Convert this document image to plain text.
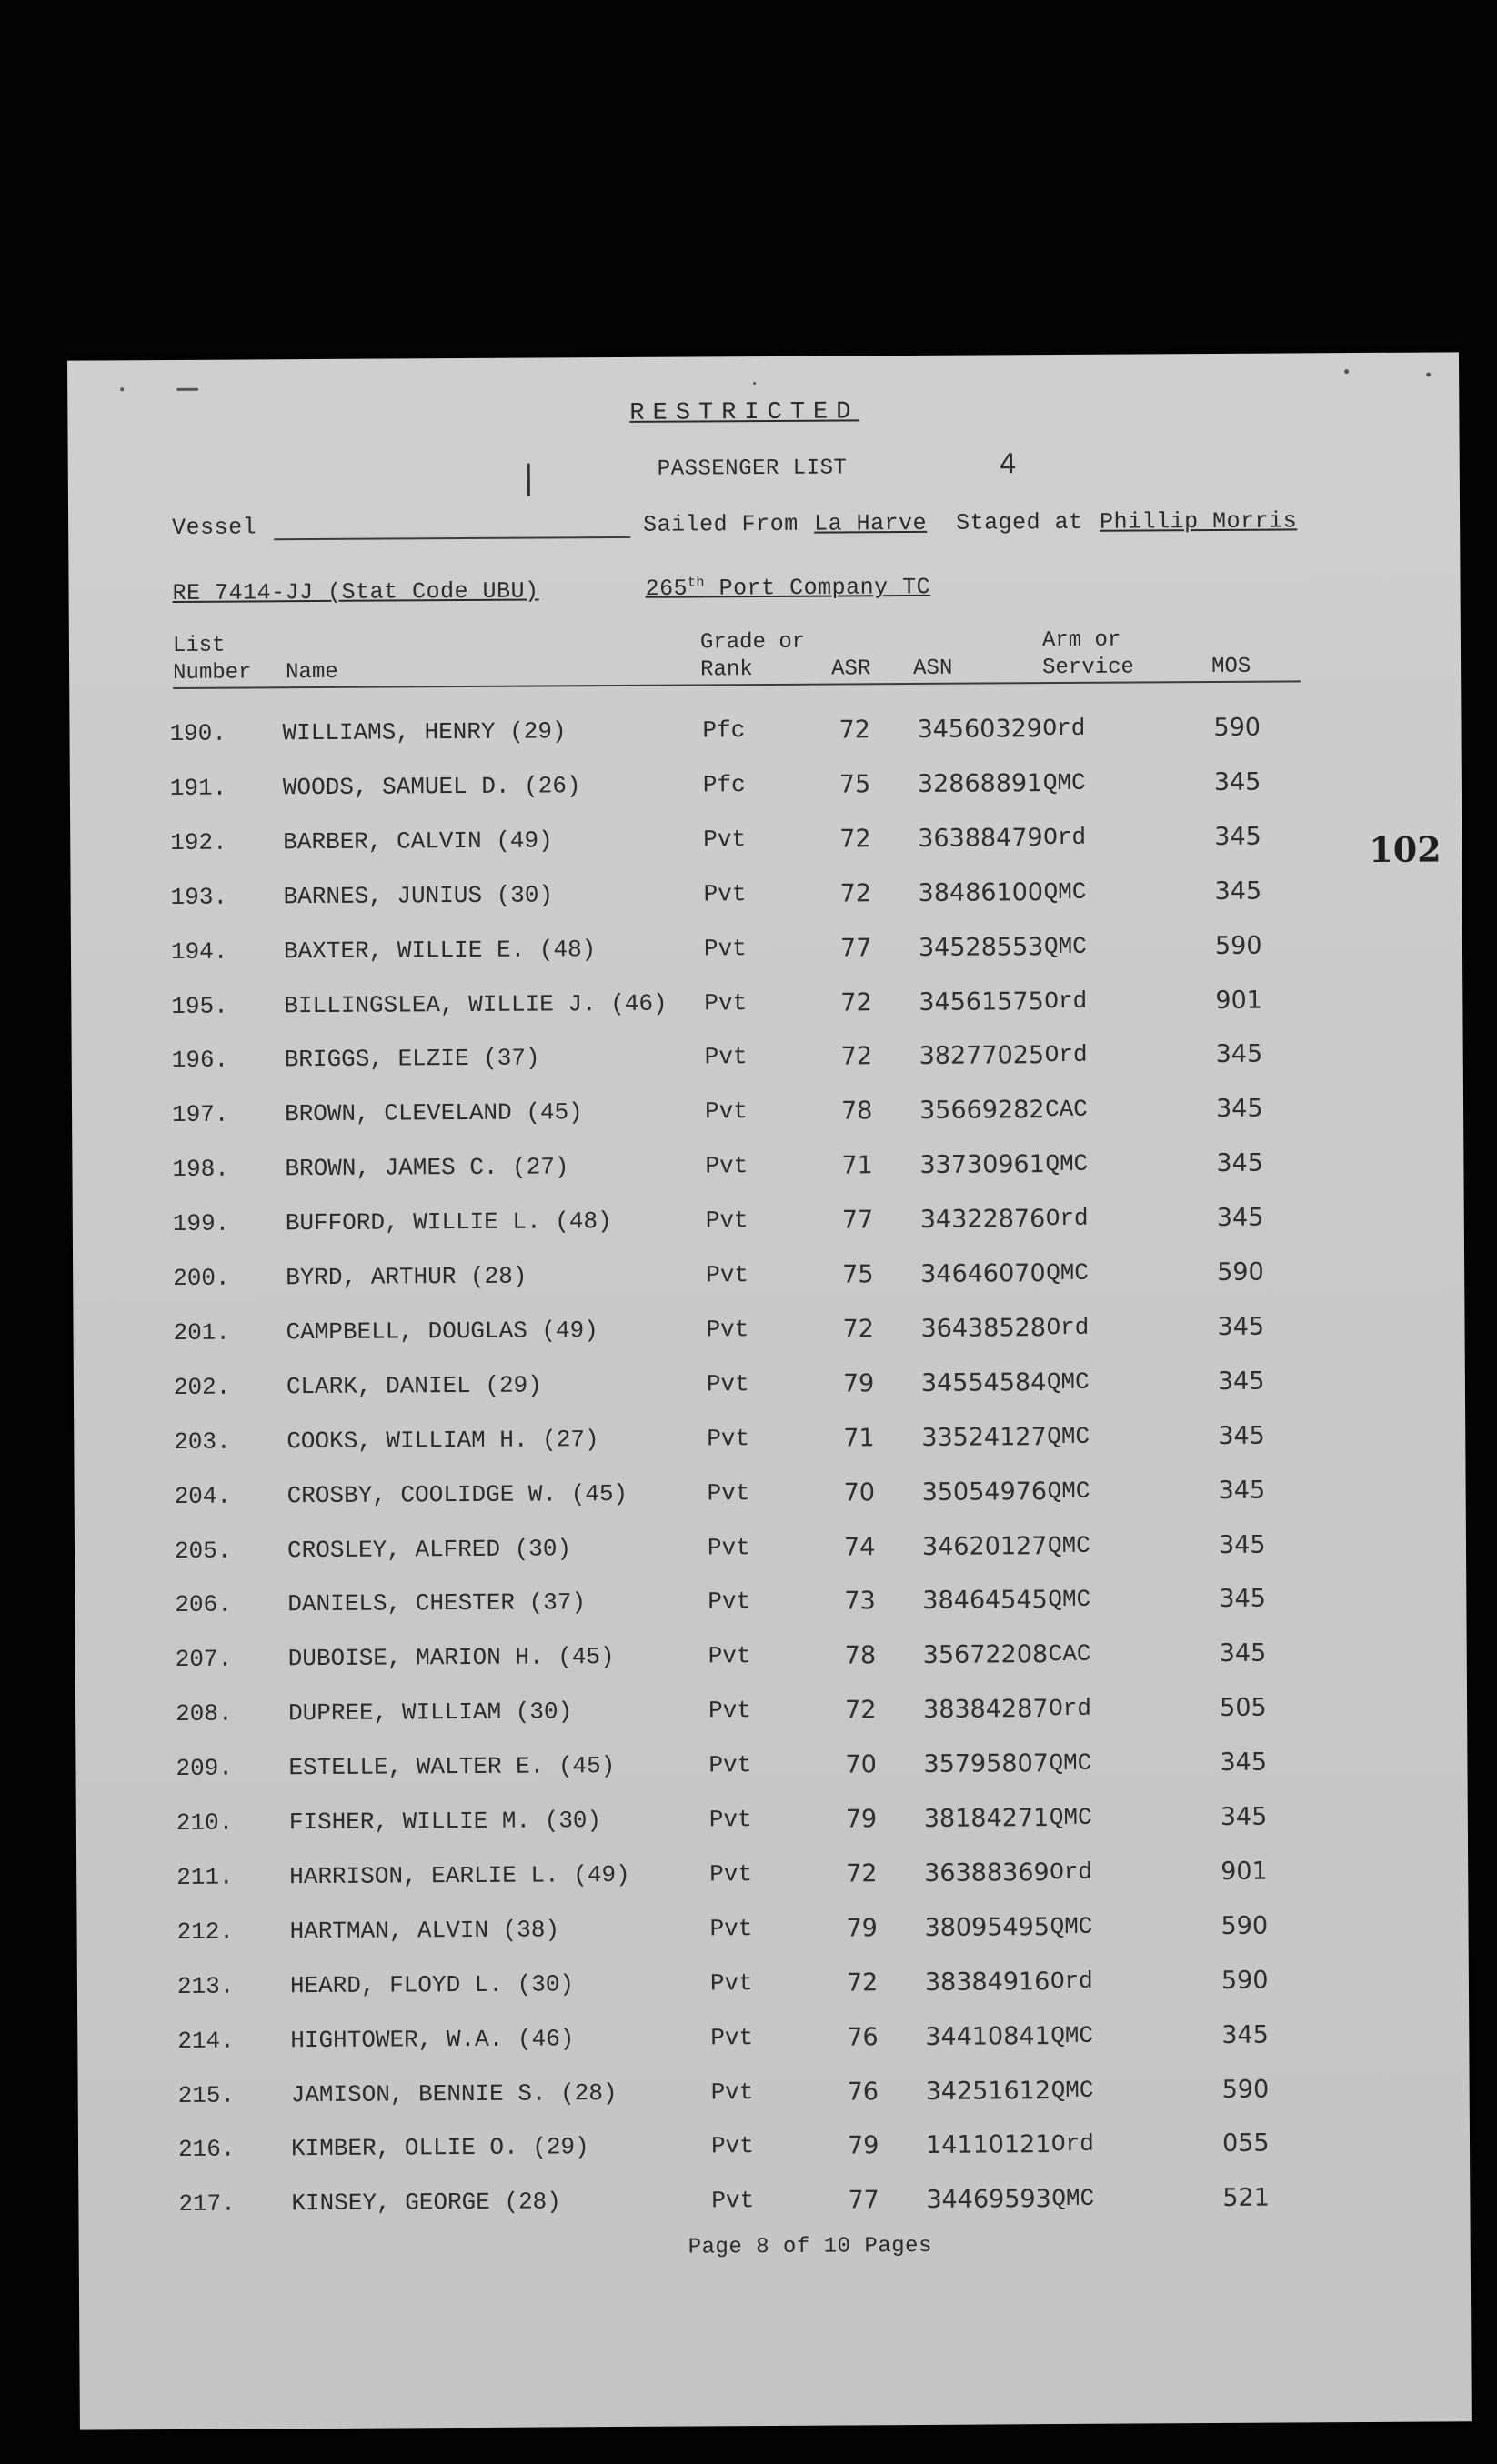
RESTRICTED
PASSENGER LIST	4
Vessel	Sailed From La Harve Staged at Phillip Morris
RE 7414-JJ (Stat Code UBU)	265th Port Company TC
102
List
Number Name
Grade or
Rank	ASR ASN
Arm or
Service	MOS
190. WILLIAMS, HENRY (29)	Pfc	72 34560329 Ord	590
191. WOODS, SAMUEL D. (26)	Pfc	75 32868891 QMC	345
192. BARBER, CALVIN (49)	Pvt	72 36388479 Ord	345
193. BARNES, JUNIUS (30)	Pvt	72 38486100 QMC	345
194. BAXTER, WILLIE E. (48)	Pvt	77 34528553 QMC	590
195. BILLINGSLEA, WILLIE J. (46) Pvt	72 34561575 Ord	901
196. BRIGGS, ELZIE (37)	Pvt	72 38277025 Ord	345
197. BROWN, CLEVELAND (45)	Pvt	78 35669282 CAC	345
198. BROWN, JAMES C. (27)	Pvt	71 33730961 QMC	345
199. BUFFORD, WILLIE L. (48)	Pvt	77 34322876 Ord	345
200. BYRD, ARTHUR (28)	Pvt	75 34646070 QMC	590
201. CAMPBELL, DOUGLAS (49)	Pvt	72 36438528 Ord	345
202. CLARK, DANIEL (29)	Pvt	79 34554584 QMC	345
203. COOKS, WILLIAM H. (27)	Pvt	71 33524127 QMC	345
204. CROSBY, COOLIDGE W. (45)	Pvt	70 35054976 QMC	345
205. CROSLEY, ALFRED (30)	Pvt	74 34620127 QMC	345
206. DANIELS, CHESTER (37)	Pvt	73 38464545 QMC	345
207. DUBOISE, MARION H. (45)	Pvt	78 35672208 CAC	345
208. DUPREE, WILLIAM (30)	Pvt	72 38384287 Ord	505
209. ESTELLE, WALTER E. (45)	Pvt	70 35795807 QMC	345
210. FISHER, WILLIE M. (30)	Pvt	79 38184271 QMC	345
211. HARRISON, EARLIE L. (49)	Pvt	72 36388369 Ord	901
212. HARTMAN, ALVIN (38)	Pvt	79 38095495 QMC	590
213. HEARD, FLOYD L. (30)	Pvt	72 38384916 Ord	590
214. HIGHTOWER, W.A. (46)	Pvt	76 34410841 QMC	345
215. JAMISON, BENNIE S. (28)	Pvt	76 34251612 QMC	590
216. KIMBER, OLLIE O. (29)	Pvt	79 14110121 Ord	055
217. KINSEY, GEORGE (28)	Pvt	77 34469593 QMC	521
Page 8 of 10 Pages
